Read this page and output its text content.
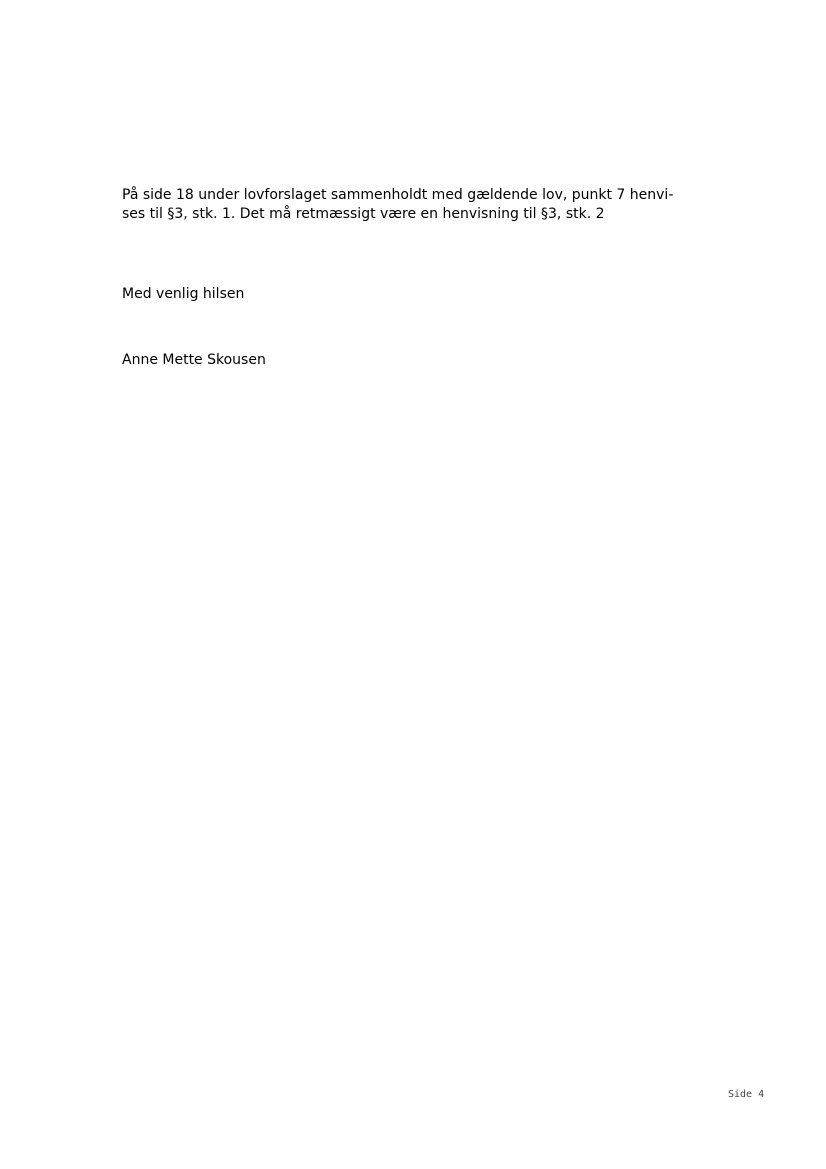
På side 18 under lovforslaget sammenholdt med gældende lov, punkt 7 henvi-
ses til §3, stk. 1. Det må retmæssigt være en henvisning til §3, stk. 2

Med venlig hilsen

Anne Mette Skousen

Side 4
